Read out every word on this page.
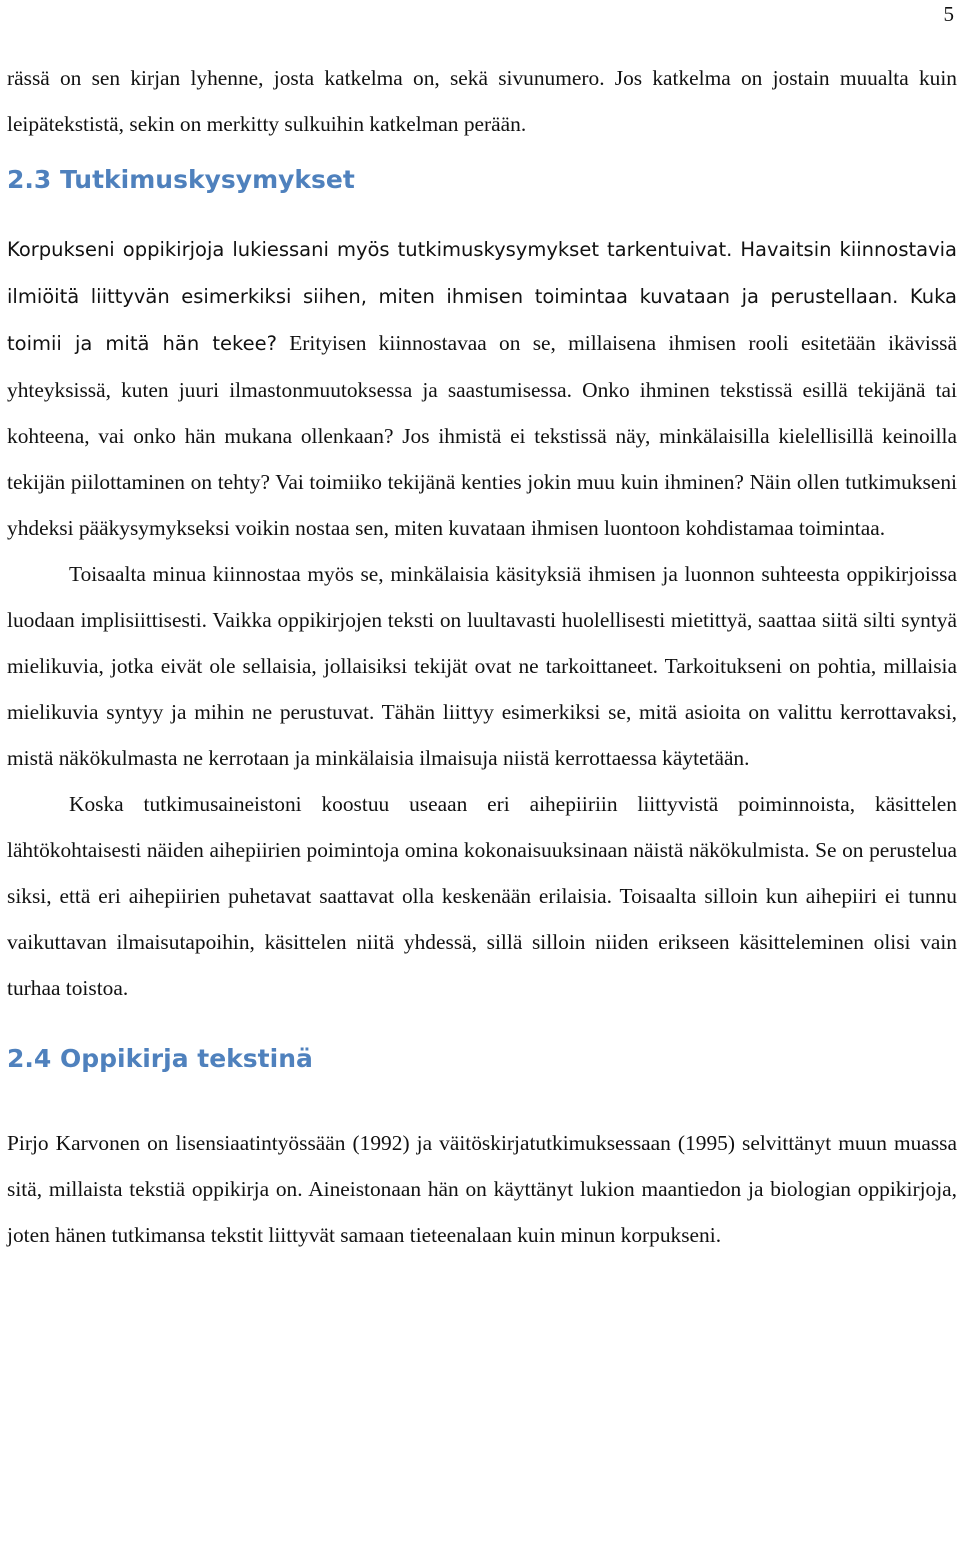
5

rässä on sen kirjan lyhenne, josta katkelma on, sekä sivunumero. Jos katkelma on jostain muualta kuin leipätekstistä, sekin on merkitty sulkuihin katkelman perään.

2.3 Tutkimuskysymykset

Korpukseni oppikirjoja lukiessani myös tutkimuskysymykset tarkentuivat. Havaitsin kiinnostavia ilmiöitä liittyvän esimerkiksi siihen, miten ihmisen toimintaa kuvataan ja perustellaan. Kuka toimii ja mitä hän tekee? Erityisen kiinnostavaa on se, millaisena ihmisen rooli esitetään ikävissä yhteyksissä, kuten juuri ilmastonmuutoksessa ja saastumisessa. Onko ihminen tekstissä esillä tekijänä tai kohteena, vai onko hän mukana ollenkaan? Jos ihmistä ei tekstissä näy, minkälaisilla kielellisillä keinoilla tekijän piilottaminen on tehty? Vai toimiiko tekijänä kenties jokin muu kuin ihminen? Näin ollen tutkimukseni yhdeksi pääkysymykseksi voikin nostaa sen, miten kuvataan ihmisen luontoon kohdistamaa toimintaa.

Toisaalta minua kiinnostaa myös se, minkälaisia käsityksiä ihmisen ja luonnon suhteesta oppikirjoissa luodaan implisiittisesti. Vaikka oppikirjojen teksti on luultavasti huolellisesti mietittyä, saattaa siitä silti syntyä mielikuvia, jotka eivät ole sellaisia, jollaisiksi tekijät ovat ne tarkoittaneet. Tarkoitukseni on pohtia, millaisia mielikuvia syntyy ja mihin ne perustuvat. Tähän liittyy esimerkiksi se, mitä asioita on valittu kerrottavaksi, mistä näkökulmasta ne kerrotaan ja minkälaisia ilmaisuja niistä kerrottaessa käytetään.

Koska tutkimusaineistoni koostuu useaan eri aihepiiriin liittyvistä poiminnoista, käsittelen lähtökohtaisesti näiden aihepiirien poimintoja omina kokonaisuuksinaan näistä näkökulmista. Se on perustelua siksi, että eri aihepiirien puhetavat saattavat olla keskenään erilaisia. Toisaalta silloin kun aihepiiri ei tunnu vaikuttavan ilmaisutapoihin, käsittelen niitä yhdessä, sillä silloin niiden erikseen käsitteleminen olisi vain turhaa toistoa.

2.4 Oppikirja tekstinä

Pirjo Karvonen on lisensiaatintyössään (1992) ja väitöskirjatutkimuksessaan (1995) selvittänyt muun muassa sitä, millaista tekstiä oppikirja on. Aineistonaan hän on käyttänyt lukion maantiedon ja biologian oppikirjoja, joten hänen tutkimansa tekstit liittyvät samaan tieteenalaan kuin minun korpukseni.
